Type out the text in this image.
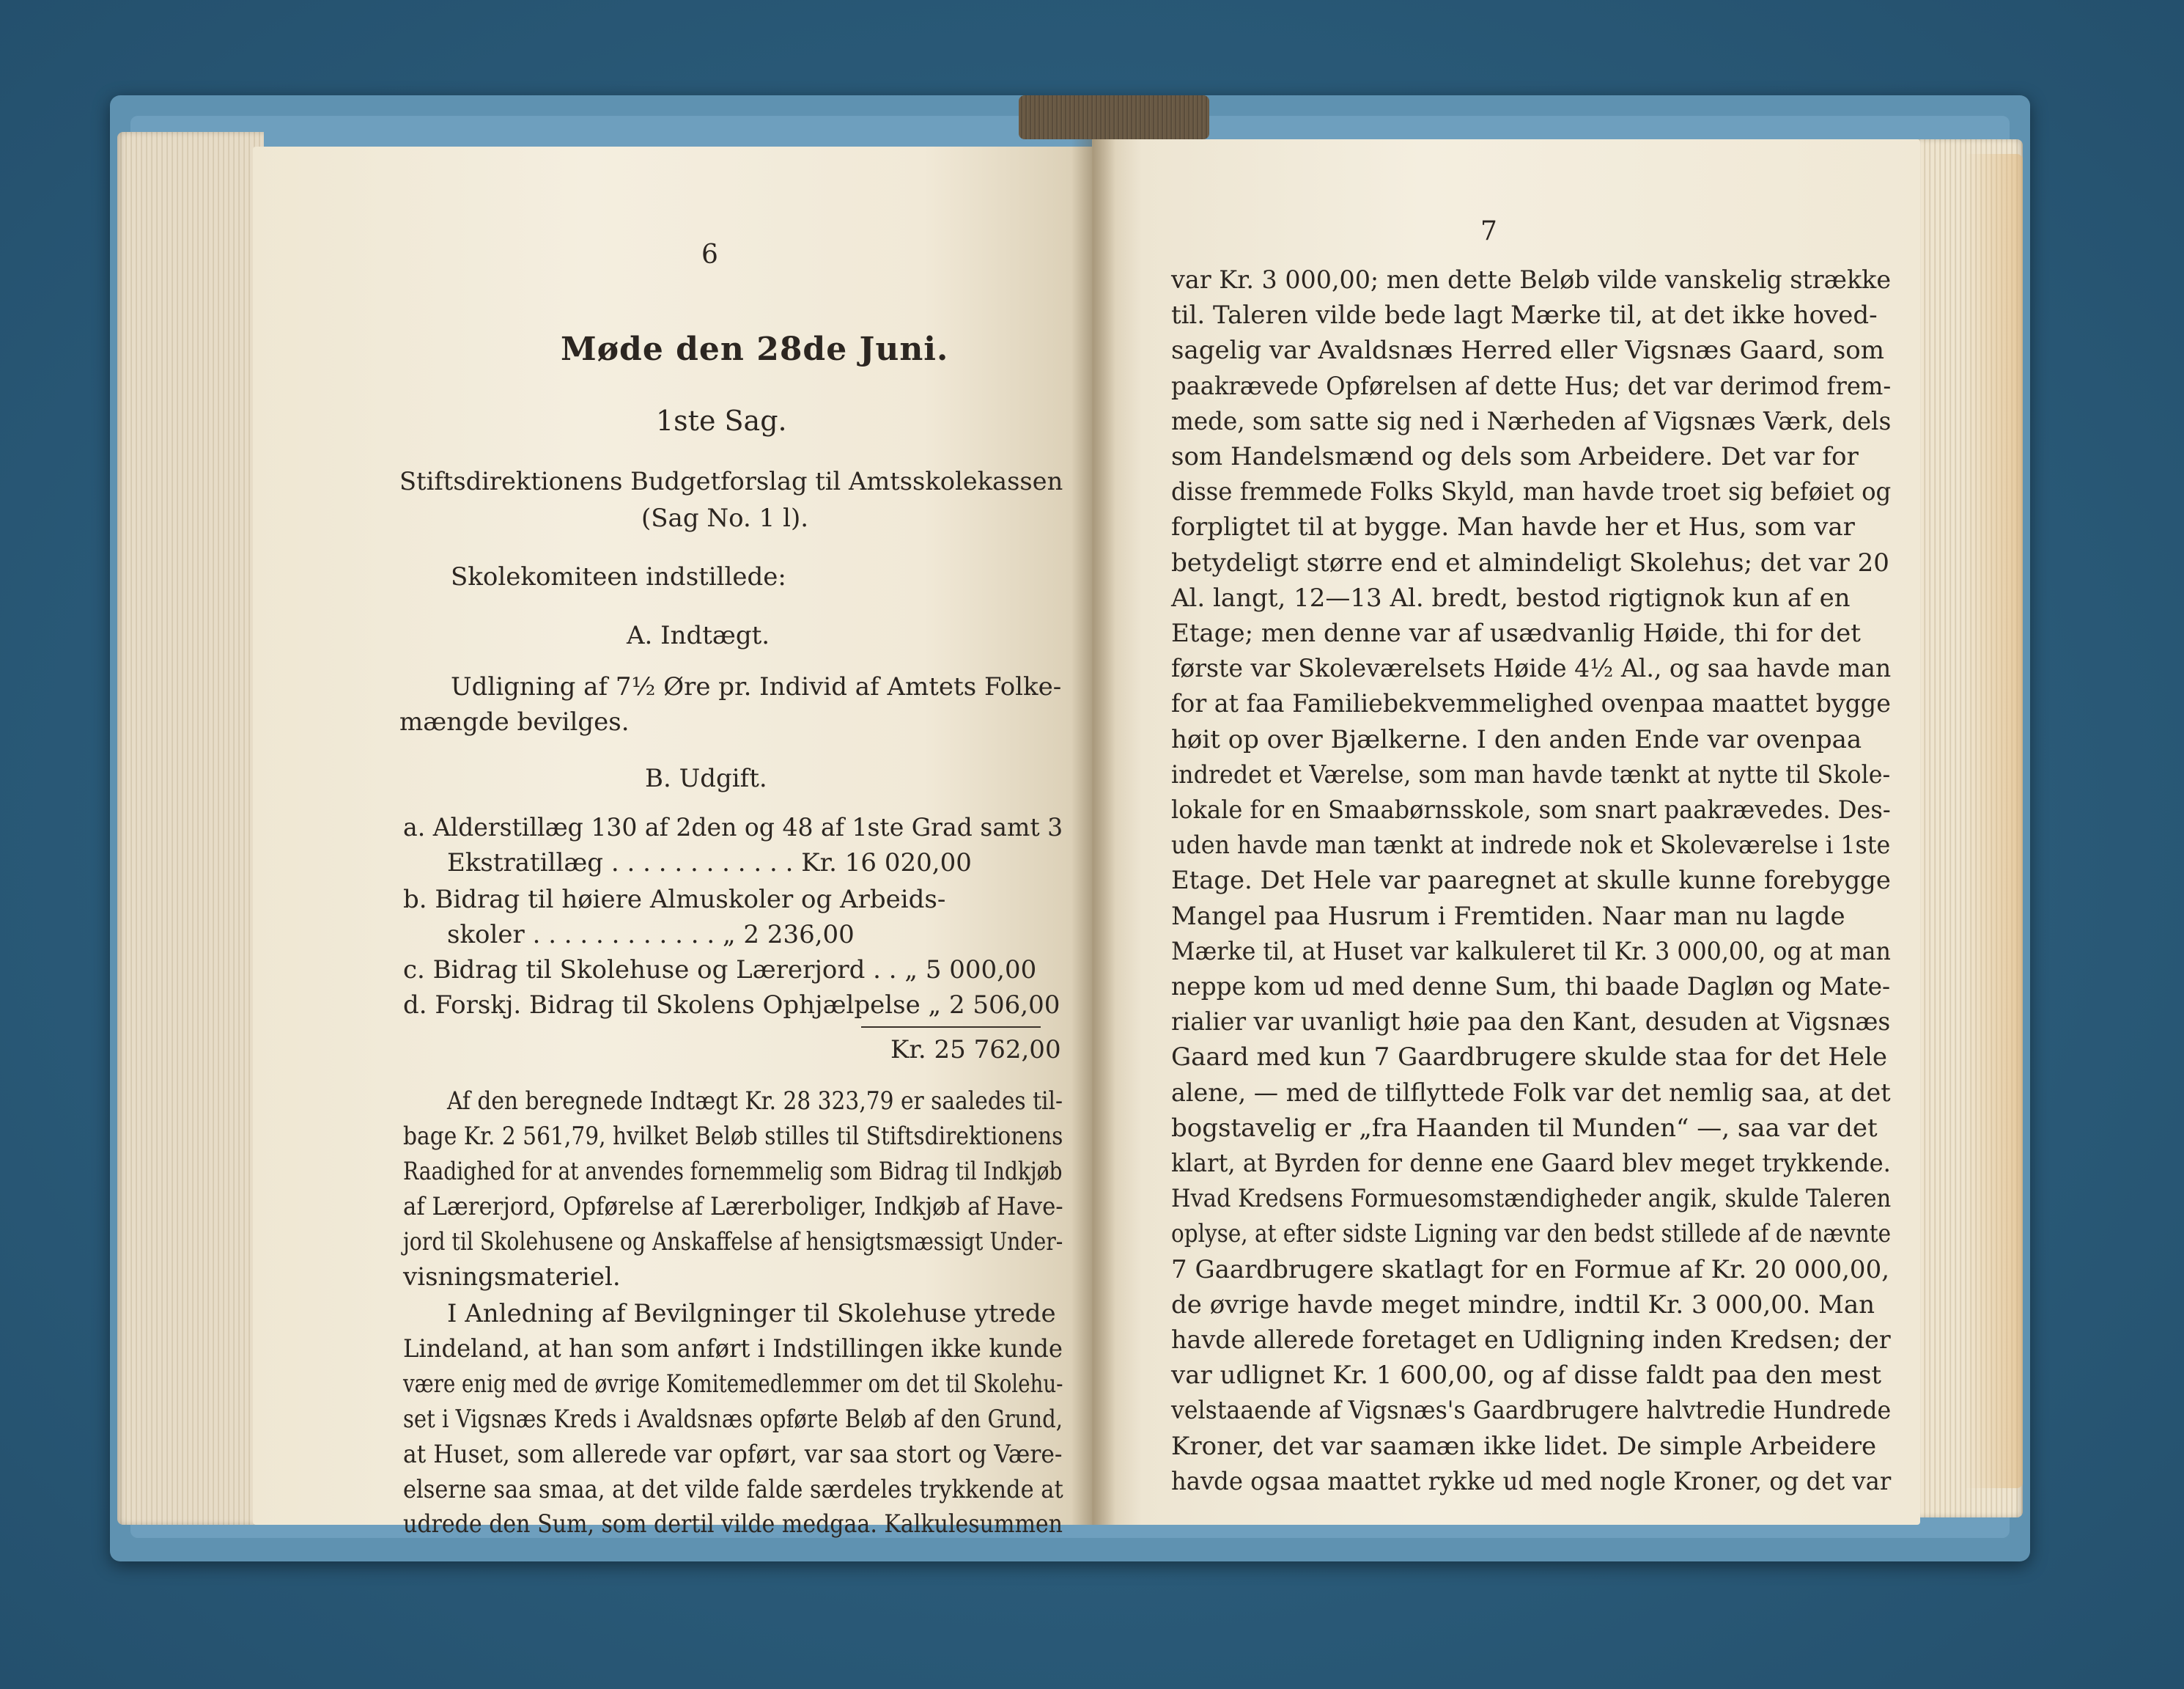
6
Møde den 28de Juni.
1ste Sag.
Stiftsdirektionens Budgetforslag til Amtsskolekassen
(Sag No. 1 l).
Skolekomiteen indstillede:
A. Indtægt.
Udligning af 7½ Øre pr. Individ af Amtets Folke-
mængde bevilges.
B. Udgift.
a. Alderstillæg 130 af 2den og 48 af 1ste Grad samt 3
Ekstratillæg . . . . . . . . . . . . Kr. 16 020,00
b. Bidrag til høiere Almuskoler og Arbeids-
skoler . . . . . . . . . . . . „ 2 236,00
c. Bidrag til Skolehuse og Lærerjord . . „ 5 000,00
d. Forskj. Bidrag til Skolens Ophjælpelse „ 2 506,00
Kr. 25 762,00
Af den beregnede Indtægt Kr. 28 323,79 er saaledes til-
bage Kr. 2 561,79, hvilket Beløb stilles til Stiftsdirektionens
Raadighed for at anvendes fornemmelig som Bidrag til Indkjøb
af Lærerjord, Opførelse af Lærerboliger, Indkjøb af Have-
jord til Skolehusene og Anskaffelse af hensigtsmæssigt Under-
visningsmateriel.
I Anledning af Bevilgninger til Skolehuse ytrede
Lindeland, at han som anført i Indstillingen ikke kunde
være enig med de øvrige Komitemedlemmer om det til Skolehu-
set i Vigsnæs Kreds i Avaldsnæs opførte Beløb af den Grund,
at Huset, som allerede var opført, var saa stort og Være-
elserne saa smaa, at det vilde falde særdeles trykkende at
udrede den Sum, som dertil vilde medgaa. Kalkulesummen
7
var Kr. 3 000,00; men dette Beløb vilde vanskelig strække
til. Taleren vilde bede lagt Mærke til, at det ikke hoved-
sagelig var Avaldsnæs Herred eller Vigsnæs Gaard, som
paakrævede Opførelsen af dette Hus; det var derimod frem-
mede, som satte sig ned i Nærheden af Vigsnæs Værk, dels
som Handelsmænd og dels som Arbeidere. Det var for
disse fremmede Folks Skyld, man havde troet sig beføiet og
forpligtet til at bygge. Man havde her et Hus, som var
betydeligt større end et almindeligt Skolehus; det var 20
Al. langt, 12—13 Al. bredt, bestod rigtignok kun af en
Etage; men denne var af usædvanlig Høide, thi for det
første var Skoleværelsets Høide 4½ Al., og saa havde man
for at faa Familiebekvemmelighed ovenpaa maattet bygge
høit op over Bjælkerne. I den anden Ende var ovenpaa
indredet et Værelse, som man havde tænkt at nytte til Skole-
lokale for en Smaabørnsskole, som snart paakrævedes. Des-
uden havde man tænkt at indrede nok et Skoleværelse i 1ste
Etage. Det Hele var paaregnet at skulle kunne forebygge
Mangel paa Husrum i Fremtiden. Naar man nu lagde
Mærke til, at Huset var kalkuleret til Kr. 3 000,00, og at man
neppe kom ud med denne Sum, thi baade Dagløn og Mate-
rialier var uvanligt høie paa den Kant, desuden at Vigsnæs
Gaard med kun 7 Gaardbrugere skulde staa for det Hele
alene, — med de tilflyttede Folk var det nemlig saa, at det
bogstavelig er „fra Haanden til Munden“ —, saa var det
klart, at Byrden for denne ene Gaard blev meget trykkende.
Hvad Kredsens Formuesomstændigheder angik, skulde Taleren
oplyse, at efter sidste Ligning var den bedst stillede af de nævnte
7 Gaardbrugere skatlagt for en Formue af Kr. 20 000,00,
de øvrige havde meget mindre, indtil Kr. 3 000,00. Man
havde allerede foretaget en Udligning inden Kredsen; der
var udlignet Kr. 1 600,00, og af disse faldt paa den mest
velstaaende af Vigsnæs's Gaardbrugere halvtredie Hundrede
Kroner, det var saamæn ikke lidet. De simple Arbeidere
havde ogsaa maattet rykke ud med nogle Kroner, og det var
